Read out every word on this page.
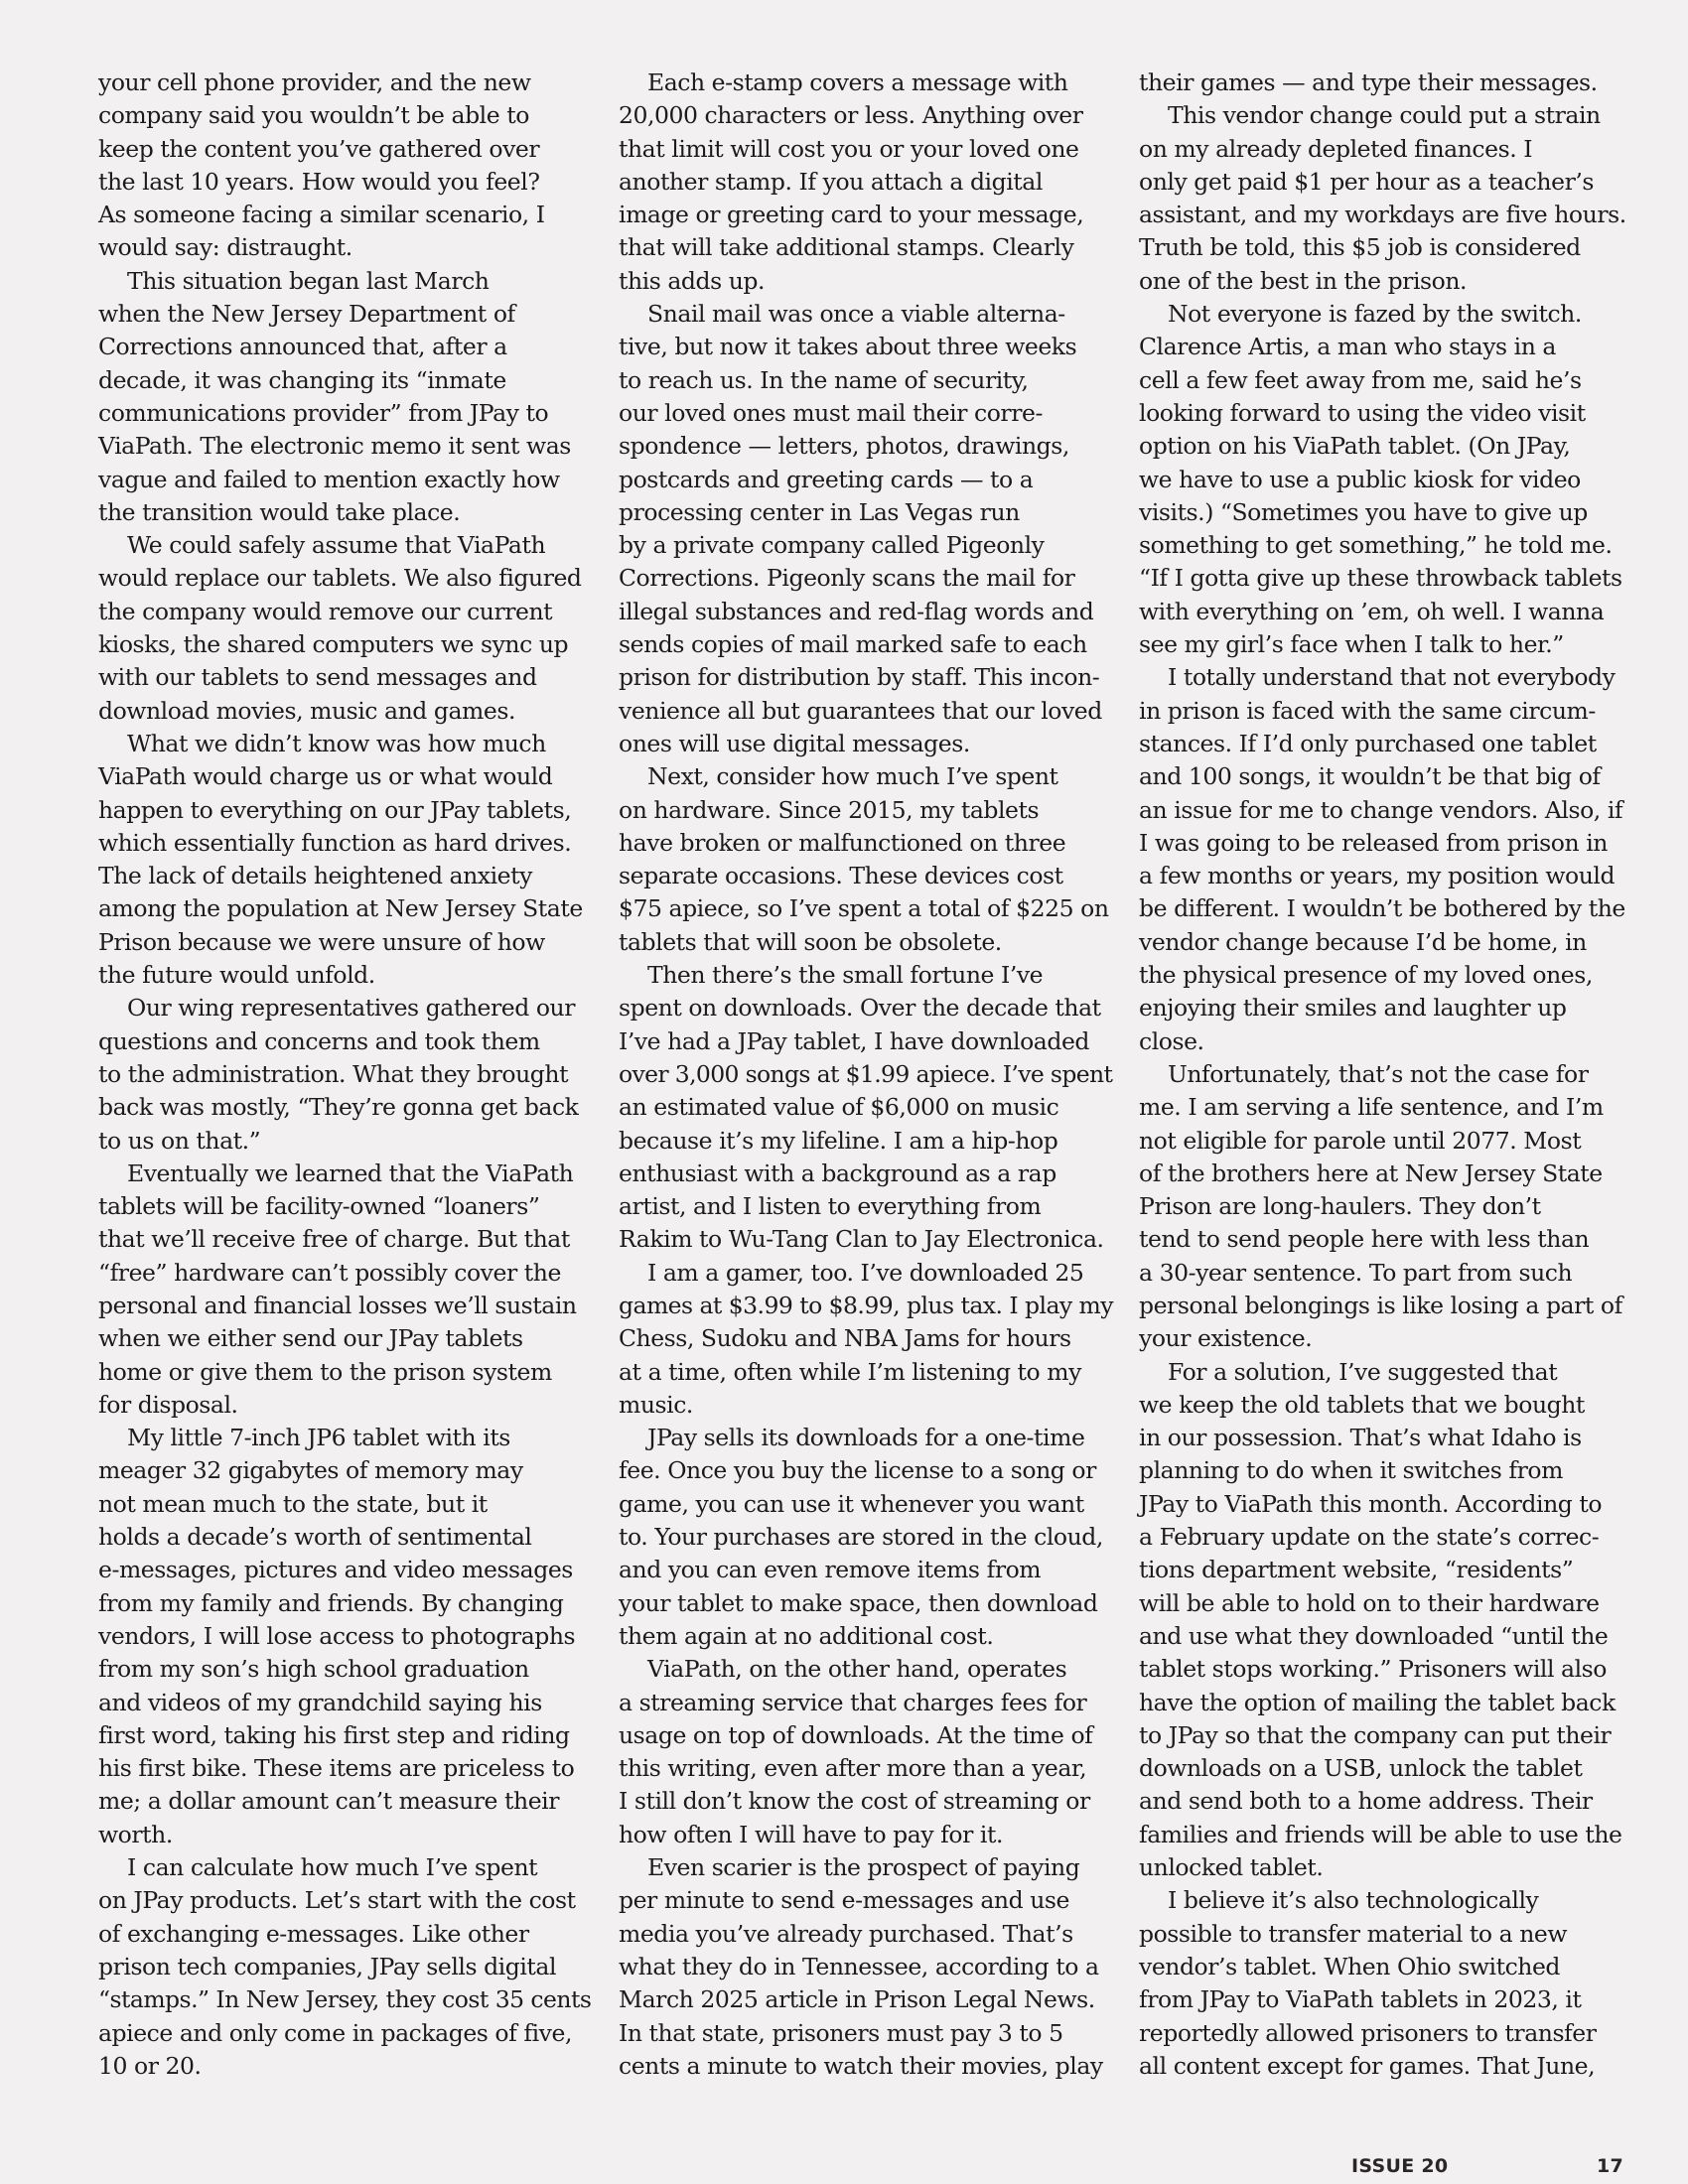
your cell phone provider, and the new
company said you wouldn’t be able to
keep the content you’ve gathered over
the last 10 years. How would you feel?
As someone facing a similar scenario, I
would say: distraught.
This situation began last March
when the New Jersey Department of
Corrections announced that, after a
decade, it was changing its “inmate
communications provider” from JPay to
ViaPath. The electronic memo it sent was
vague and failed to mention exactly how
the transition would take place.
We could safely assume that ViaPath
would replace our tablets. We also figured
the company would remove our current
kiosks, the shared computers we sync up
with our tablets to send messages and
download movies, music and games.
What we didn’t know was how much
ViaPath would charge us or what would
happen to everything on our JPay tablets,
which essentially function as hard drives.
The lack of details heightened anxiety
among the population at New Jersey State
Prison because we were unsure of how
the future would unfold.
Our wing representatives gathered our
questions and concerns and took them
to the administration. What they brought
back was mostly, “They’re gonna get back
to us on that.”
Eventually we learned that the ViaPath
tablets will be facility-owned “loaners”
that we’ll receive free of charge. But that
“free” hardware can’t possibly cover the
personal and financial losses we’ll sustain
when we either send our JPay tablets
home or give them to the prison system
for disposal.
My little 7-inch JP6 tablet with its
meager 32 gigabytes of memory may
not mean much to the state, but it
holds a decade’s worth of sentimental
e-messages, pictures and video messages
from my family and friends. By changing
vendors, I will lose access to photographs
from my son’s high school graduation
and videos of my grandchild saying his
first word, taking his first step and riding
his first bike. These items are priceless to
me; a dollar amount can’t measure their
worth.
I can calculate how much I’ve spent
on JPay products. Let’s start with the cost
of exchanging e-messages. Like other
prison tech companies, JPay sells digital
“stamps.” In New Jersey, they cost 35 cents
apiece and only come in packages of five,
10 or 20.
Each e-stamp covers a message with
20,000 characters or less. Anything over
that limit will cost you or your loved one
another stamp. If you attach a digital
image or greeting card to your message,
that will take additional stamps. Clearly
this adds up.
Snail mail was once a viable alterna-
tive, but now it takes about three weeks
to reach us. In the name of security,
our loved ones must mail their corre-
spondence — letters, photos, drawings,
postcards and greeting cards — to a
processing center in Las Vegas run
by a private company called Pigeonly
Corrections. Pigeonly scans the mail for
illegal substances and red-flag words and
sends copies of mail marked safe to each
prison for distribution by staff. This incon-
venience all but guarantees that our loved
ones will use digital messages.
Next, consider how much I’ve spent
on hardware. Since 2015, my tablets
have broken or malfunctioned on three
separate occasions. These devices cost
$75 apiece, so I’ve spent a total of $225 on
tablets that will soon be obsolete.
Then there’s the small fortune I’ve
spent on downloads. Over the decade that
I’ve had a JPay tablet, I have downloaded
over 3,000 songs at $1.99 apiece. I’ve spent
an estimated value of $6,000 on music
because it’s my lifeline. I am a hip-hop
enthusiast with a background as a rap
artist, and I listen to everything from
Rakim to Wu-Tang Clan to Jay Electronica.
I am a gamer, too. I’ve downloaded 25
games at $3.99 to $8.99, plus tax. I play my
Chess, Sudoku and NBA Jams for hours
at a time, often while I’m listening to my
music.
JPay sells its downloads for a one-time
fee. Once you buy the license to a song or
game, you can use it whenever you want
to. Your purchases are stored in the cloud,
and you can even remove items from
your tablet to make space, then download
them again at no additional cost.
ViaPath, on the other hand, operates
a streaming service that charges fees for
usage on top of downloads. At the time of
this writing, even after more than a year,
I still don’t know the cost of streaming or
how often I will have to pay for it.
Even scarier is the prospect of paying
per minute to send e-messages and use
media you’ve already purchased. That’s
what they do in Tennessee, according to a
March 2025 article in Prison Legal News.
In that state, prisoners must pay 3 to 5
cents a minute to watch their movies, play
their games — and type their messages.
This vendor change could put a strain
on my already depleted finances. I
only get paid $1 per hour as a teacher’s
assistant, and my workdays are five hours.
Truth be told, this $5 job is considered
one of the best in the prison.
Not everyone is fazed by the switch.
Clarence Artis, a man who stays in a
cell a few feet away from me, said he’s
looking forward to using the video visit
option on his ViaPath tablet. (On JPay,
we have to use a public kiosk for video
visits.) “Sometimes you have to give up
something to get something,” he told me.
“If I gotta give up these throwback tablets
with everything on ’em, oh well. I wanna
see my girl’s face when I talk to her.”
I totally understand that not everybody
in prison is faced with the same circum-
stances. If I’d only purchased one tablet
and 100 songs, it wouldn’t be that big of
an issue for me to change vendors. Also, if
I was going to be released from prison in
a few months or years, my position would
be different. I wouldn’t be bothered by the
vendor change because I’d be home, in
the physical presence of my loved ones,
enjoying their smiles and laughter up
close.
Unfortunately, that’s not the case for
me. I am serving a life sentence, and I’m
not eligible for parole until 2077. Most
of the brothers here at New Jersey State
Prison are long-haulers. They don’t
tend to send people here with less than
a 30-year sentence. To part from such
personal belongings is like losing a part of
your existence.
For a solution, I’ve suggested that
we keep the old tablets that we bought
in our possession. That’s what Idaho is
planning to do when it switches from
JPay to ViaPath this month. According to
a February update on the state’s correc-
tions department website, “residents”
will be able to hold on to their hardware
and use what they downloaded “until the
tablet stops working.” Prisoners will also
have the option of mailing the tablet back
to JPay so that the company can put their
downloads on a USB, unlock the tablet
and send both to a home address. Their
families and friends will be able to use the
unlocked tablet.
I believe it’s also technologically
possible to transfer material to a new
vendor’s tablet. When Ohio switched
from JPay to ViaPath tablets in 2023, it
reportedly allowed prisoners to transfer
all content except for games. That June,
ISSUE 20	17
